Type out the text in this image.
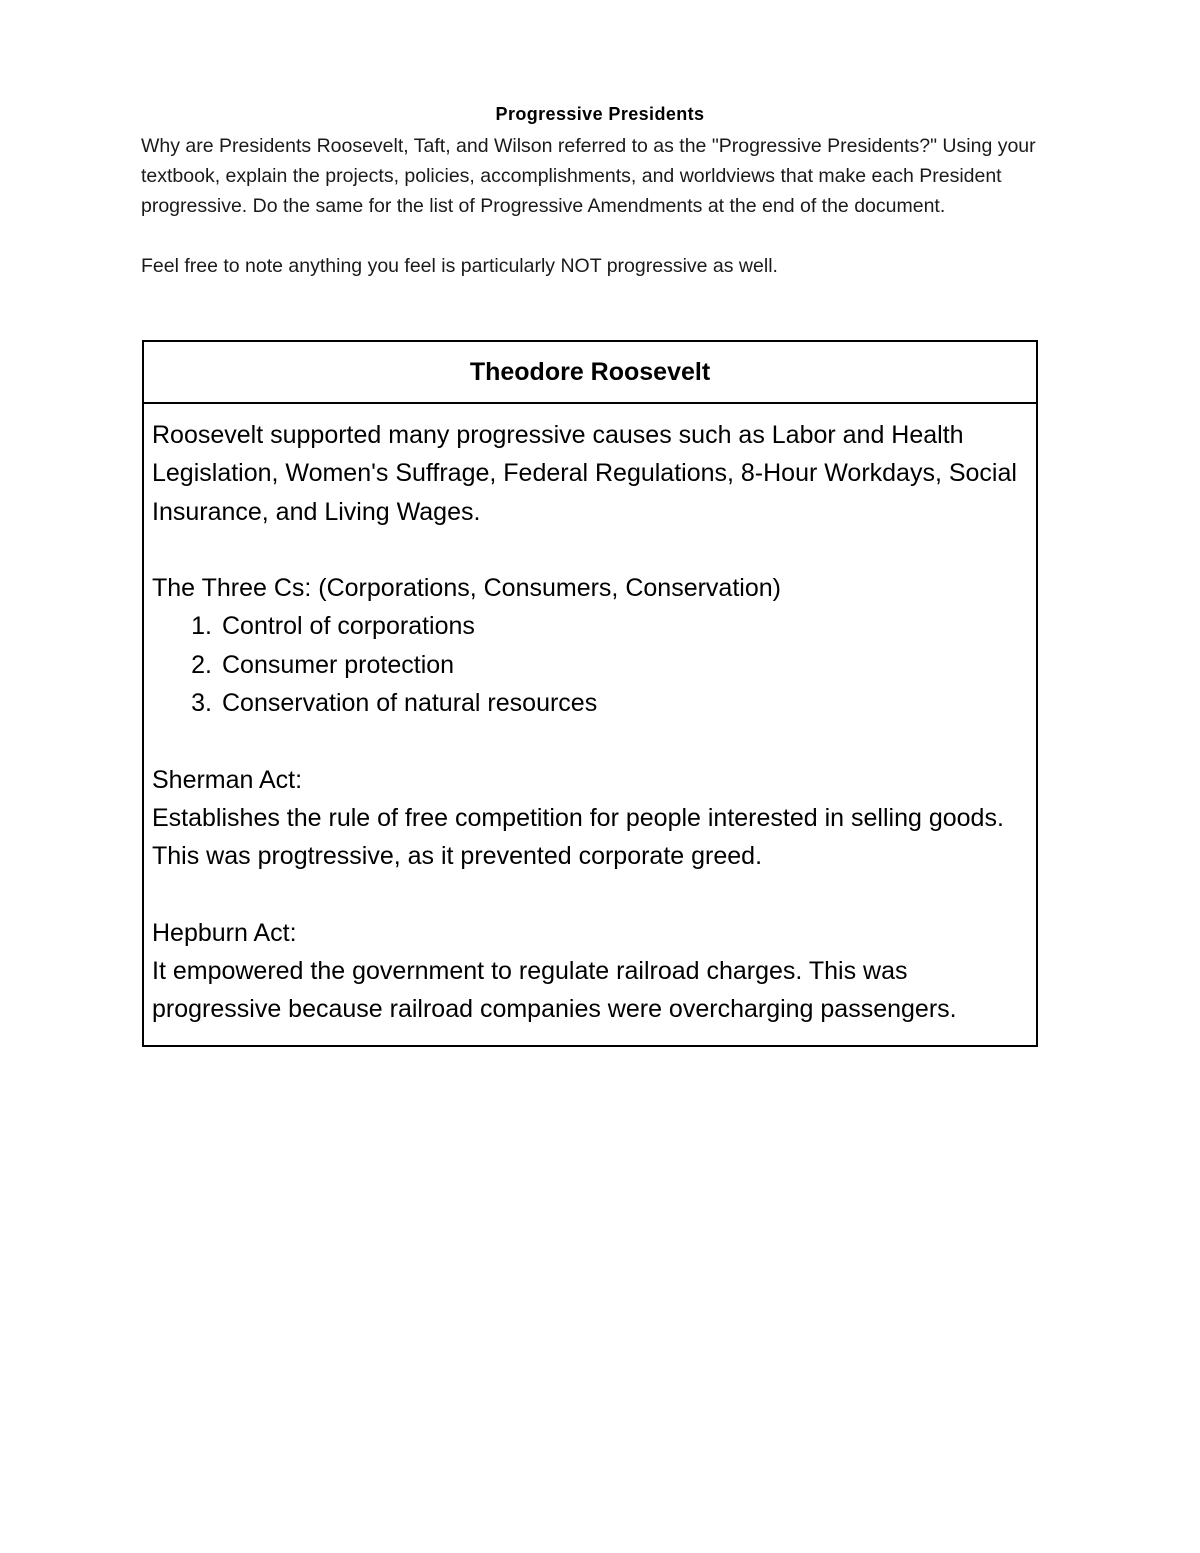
Progressive Presidents

Why are Presidents Roosevelt, Taft, and Wilson referred to as the "Progressive Presidents?" Using your textbook, explain the projects, policies, accomplishments, and worldviews that make each President progressive. Do the same for the list of Progressive Amendments at the end of the document.

Feel free to note anything you feel is particularly NOT progressive as well.

Theodore Roosevelt

Roosevelt supported many progressive causes such as Labor and Health Legislation, Women's Suffrage, Federal Regulations, 8-Hour Workdays, Social Insurance, and Living Wages.

The Three Cs: (Corporations, Consumers, Conservation)

1. Control of corporations
2. Consumer protection
3. Conservation of natural resources

Sherman Act:

Establishes the rule of free competition for people interested in selling goods. This was progtressive, as it prevented corporate greed.

Hepburn Act:

It empowered the government to regulate railroad charges. This was progressive because railroad companies were overcharging passengers.
